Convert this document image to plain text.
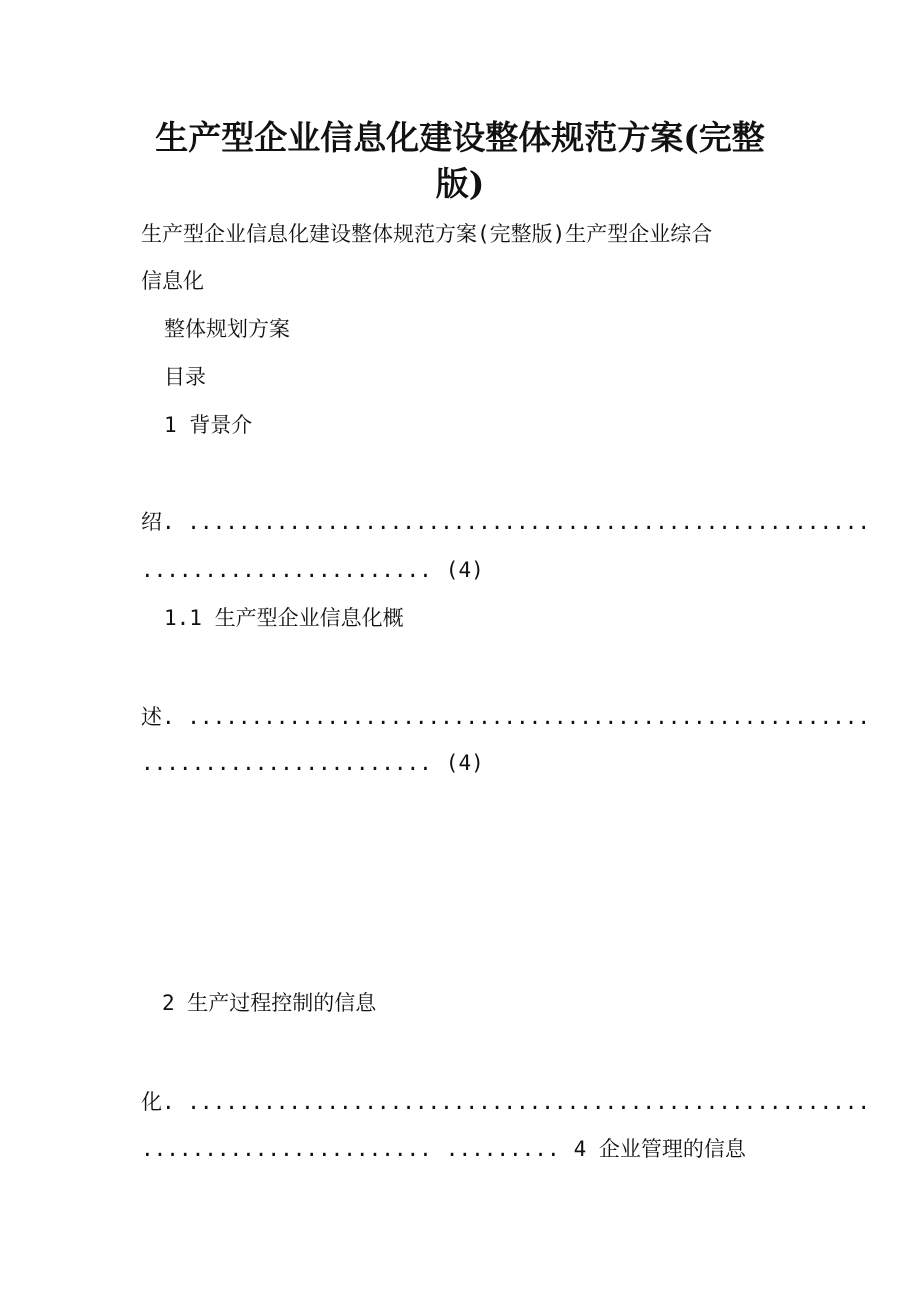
生产型企业信息化建设整体规范方案(完整
版)

生产型企业信息化建设整体规范方案(完整版)生产型企业综合

信息化

整体规划方案

目录

1 背景介

绍. ......................................................

....................... (4)

1.1 生产型企业信息化概

述. ......................................................

....................... (4)

2 生产过程控制的信息

化. ......................................................

....................... ......... 4 企业管理的信息
